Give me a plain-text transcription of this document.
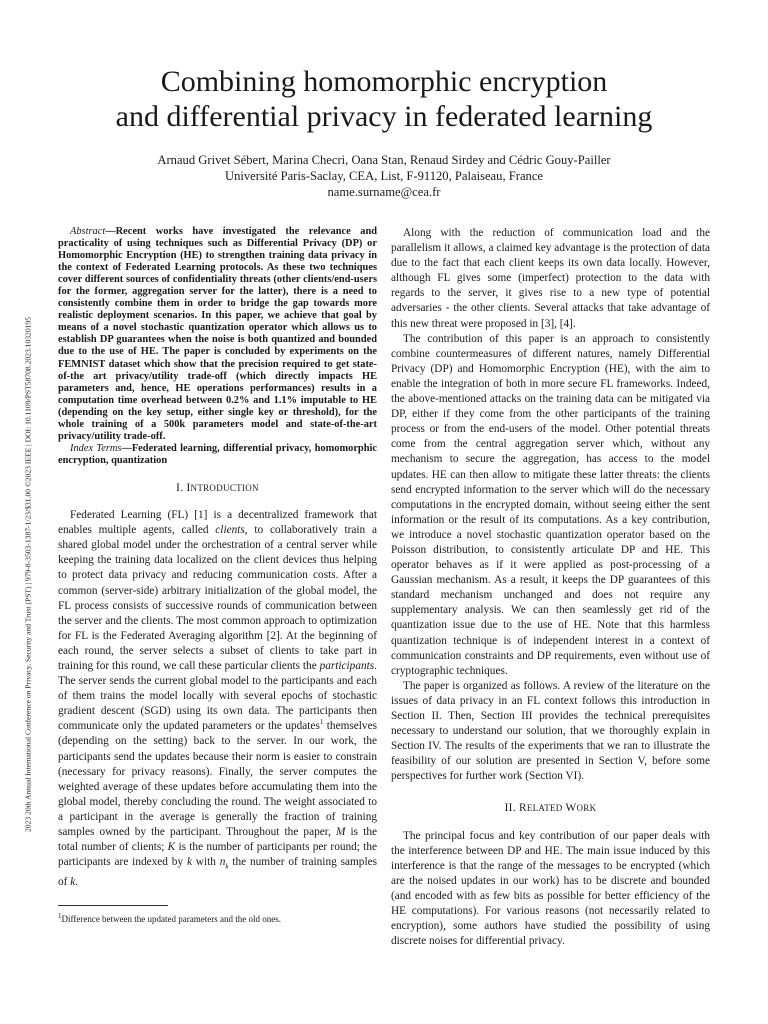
2023 20th Annual International Conference on Privacy, Security and Trust (PST) | 979-8-3503-1387-1/23/$31.00 ©2023 IEEE | DOI: 10.1109/PST58708.2023.10320195
Combining homomorphic encryption
and differential privacy in federated learning
Arnaud Grivet Sébert, Marina Checri, Oana Stan, Renaud Sirdey and Cédric Gouy-Pailler
Université Paris-Saclay, CEA, List, F-91120, Palaiseau, France
name.surname@cea.fr

Abstract—Recent works have investigated the relevance and practicality of using techniques such as Differential Privacy (DP) or Homomorphic Encryption (HE) to strengthen training data privacy in the context of Federated Learning protocols. As these two techniques cover different sources of confidentiality threats (other clients/end-users for the former, aggregation server for the latter), there is a need to consistently combine them in order to bridge the gap towards more realistic deployment scenarios. In this paper, we achieve that goal by means of a novel stochastic quantization operator which allows us to establish DP guarantees when the noise is both quantized and bounded due to the use of HE. The paper is concluded by experiments on the FEMNIST dataset which show that the precision required to get state-of-the art privacy/utility trade-off (which directly impacts HE parameters and, hence, HE operations performances) results in a computation time overhead between 0.2% and 1.1% imputable to HE (depending on the key setup, either single key or threshold), for the whole training of a 500k parameters model and state-of-the-art privacy/utility trade-off.

Index Terms—Federated learning, differential privacy, homomorphic encryption, quantization

I. INTRODUCTION

Federated Learning (FL) [1] is a decentralized framework that enables multiple agents, called clients, to collaboratively train a shared global model under the orchestration of a central server while keeping the training data localized on the client devices thus helping to protect data privacy and reducing communication costs. After a common (server-side) arbitrary initialization of the global model, the FL process consists of successive rounds of communication between the server and the clients. The most common approach to optimization for FL is the Federated Averaging algorithm [2]. At the beginning of each round, the server selects a subset of clients to take part in training for this round, we call these particular clients the participants. The server sends the current global model to the participants and each of them trains the model locally with several epochs of stochastic gradient descent (SGD) using its own data. The participants then communicate only the updated parameters or the updates$^1$ themselves (depending on the setting) back to the server. In our work, the participants send the updates because their norm is easier to constrain (necessary for privacy reasons). Finally, the server computes the weighted average of these updates before accumulating them into the global model, thereby concluding the round. The weight associated to a participant in the average is generally the fraction of training samples owned by the participant. Throughout the paper, M is the total number of clients; K is the number of participants per round; the participants are indexed by k with $n_k$ the number of training samples of k.

$^1$Difference between the updated parameters and the old ones.

Along with the reduction of communication load and the parallelism it allows, a claimed key advantage is the protection of data due to the fact that each client keeps its own data locally. However, although FL gives some (imperfect) protection to the data with regards to the server, it gives rise to a new type of potential adversaries - the other clients. Several attacks that take advantage of this new threat were proposed in [3], [4].

The contribution of this paper is an approach to consistently combine countermeasures of different natures, namely Differential Privacy (DP) and Homomorphic Encryption (HE), with the aim to enable the integration of both in more secure FL frameworks. Indeed, the above-mentioned attacks on the training data can be mitigated via DP, either if they come from the other participants of the training process or from the end-users of the model. Other potential threats come from the central aggregation server which, without any mechanism to secure the aggregation, has access to the model updates. HE can then allow to mitigate these latter threats: the clients send encrypted information to the server which will do the necessary computations in the encrypted domain, without seeing either the sent information or the result of its computations. As a key contribution, we introduce a novel stochastic quantization operator based on the Poisson distribution, to consistently articulate DP and HE. This operator behaves as if it were applied as post-processing of a Gaussian mechanism. As a result, it keeps the DP guarantees of this standard mechanism unchanged and does not require any supplementary analysis. We can then seamlessly get rid of the quantization issue due to the use of HE. Note that this harmless quantization technique is of independent interest in a context of communication constraints and DP requirements, even without use of cryptographic techniques.

The paper is organized as follows. A review of the literature on the issues of data privacy in an FL context follows this introduction in Section II. Then, Section III provides the technical prerequisites necessary to understand our solution, that we thoroughly explain in Section IV. The results of the experiments that we ran to illustrate the feasibility of our solution are presented in Section V, before some perspectives for further work (Section VI).

II. RELATED WORK

The principal focus and key contribution of our paper deals with the interference between DP and HE. The main issue induced by this interference is that the range of the messages to be encrypted (which are the noised updates in our work) has to be discrete and bounded (and encoded with as few bits as possible for better efficiency of the HE computations). For various reasons (not necessarily related to encryption), some authors have studied the possibility of using discrete noises for differential privacy.
